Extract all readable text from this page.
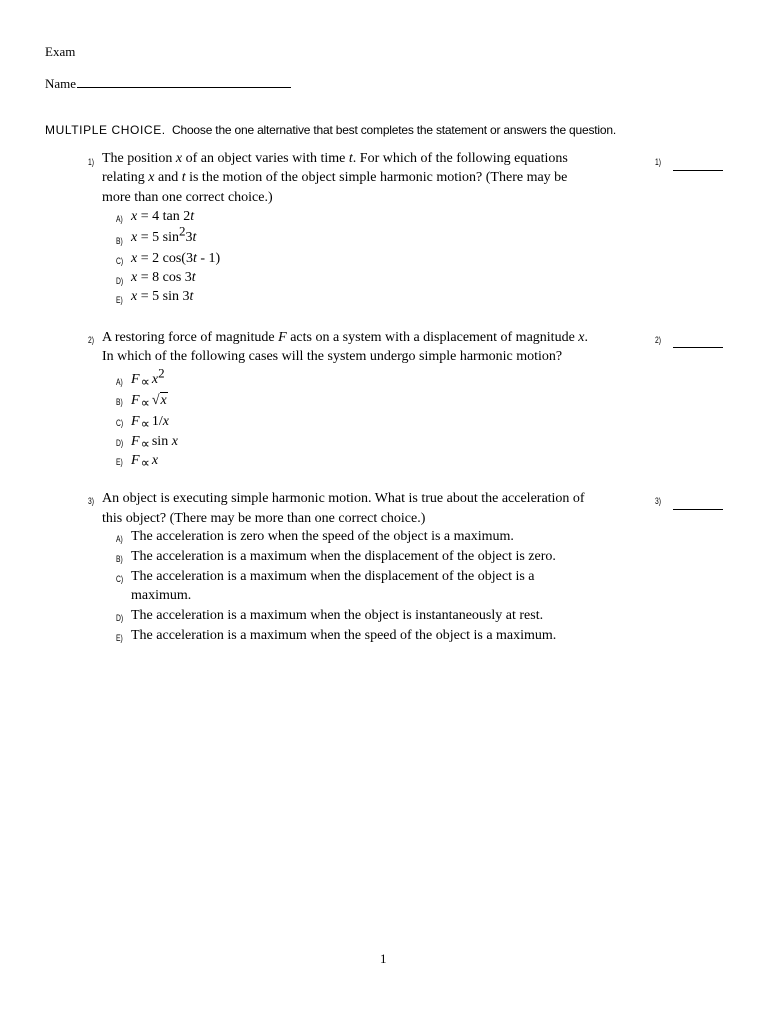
Exam
Name
MULTIPLE CHOICE. Choose the one alternative that best completes the statement or answers the question.
1) The position x of an object varies with time t. For which of the following equations
relating x and t is the motion of the object simple harmonic motion? (There may be
more than one correct choice.)
1)
A) x = 4 tan 2t
B) x = 5 $\sin^23t$
C) x = 2 cos(3t - 1)
D) x = 8 cos 3t
E) x = 5 sin 3t
2) A restoring force of magnitude F acts on a system with a displacement of magnitude x.
In which of the following cases will the system undergo simple harmonic motion?
2)
A) $F\propto x^2$
B) F∝ √x
C) F∝ 1/x
D) F∝ sin x
E) F∝ x
3) An object is executing simple harmonic motion. What is true about the acceleration of
this object? (There may be more than one correct choice.)
3)
A) The acceleration is zero when the speed of the object is a maximum.
B) The acceleration is a maximum when the displacement of the object is zero.
C) The acceleration is a maximum when the displacement of the object is a
maximum.
D) The acceleration is a maximum when the object is instantaneously at rest.
E) The acceleration is a maximum when the speed of the object is a maximum.
1
